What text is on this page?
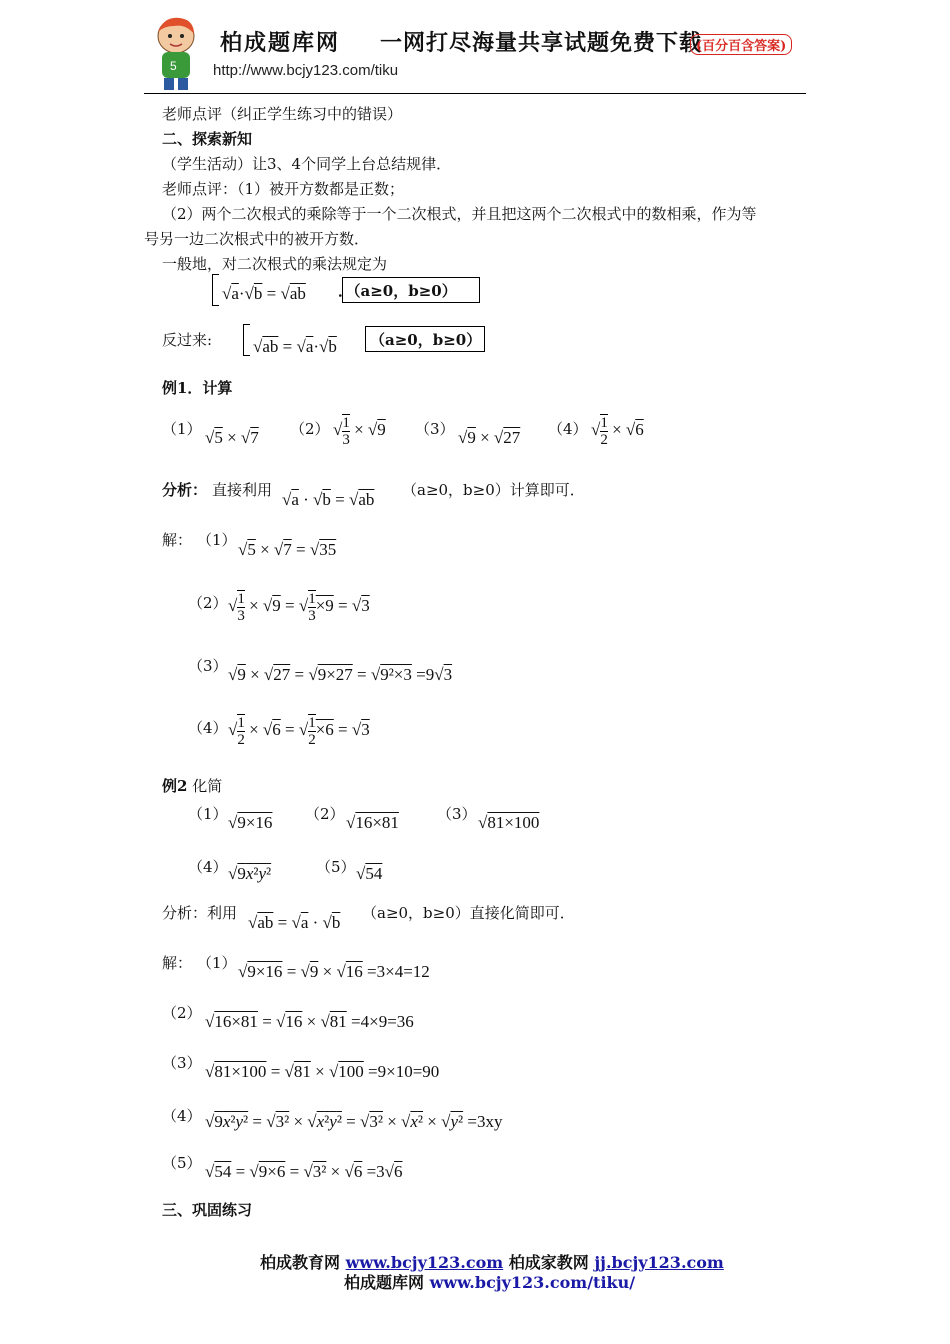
5
柏成题库网 一网打尽海量共享试题免费下载
(百分百含答案)
http://www.bcjy123.com/tiku
老师点评（纠正学生练习中的错误）
二、探索新知
（学生活动）让3、4个同学上台总结规律．
老师点评：（1）被开方数都是正数；
（2）两个二次根式的乘除等于一个二次根式，并且把这两个二次根式中的数相乘，作为等
号另一边二次根式中的被开方数．
一般地，对二次根式的乘法规定为
√a·√b = √ab ．（a≥0，b≥0）
反过来: √ab = √a·√b （a≥0，b≥0）
例1．计算
（1） √5 × √7 （2） √ $\frac{1}{3} \times √9$ （3） √9 × √27 （4） √ $\frac{1}{2} \times √6$
分析： 直接利用 √a · √b = √ab （a≥0，b≥0）计算即可．
解： （1） √5 × √7 = √35
（2） √ $\frac{1}{3} \times √9$ = √ $\frac{1}{3} \times 9 = √3$
（3） √9 × √27 = √9×27 = √9²×3 =9√3
（4） √ $\frac{1}{2} \times √6$ = √ $\frac{1}{2} \times 6 = √3$
例2 化简
（1） √9×16 （2） √16×81	（3） √81×100
（4） √9x²y²	（5） √54
分析：利用 √ab = √a · √b （a≥0，b≥0）直接化简即可．
解： （1） √9×16 = √9 × √16 =3×4=12
（2） √16×81 = √16 × √81 =4×9=36
（3） √81×100 = √81 × √100 =9×10=90
（4） √9x²y² = √3² × √x²y² = √3² × √x² × √y² =3xy
（5） √54 = √9×6 = √3² × √6 =3√6
三、巩固练习
柏成教育网 www.bcjy123.com 柏成家教网 jj.bcjy123.com
柏成题库网 www.bcjy123.com/tiku/
